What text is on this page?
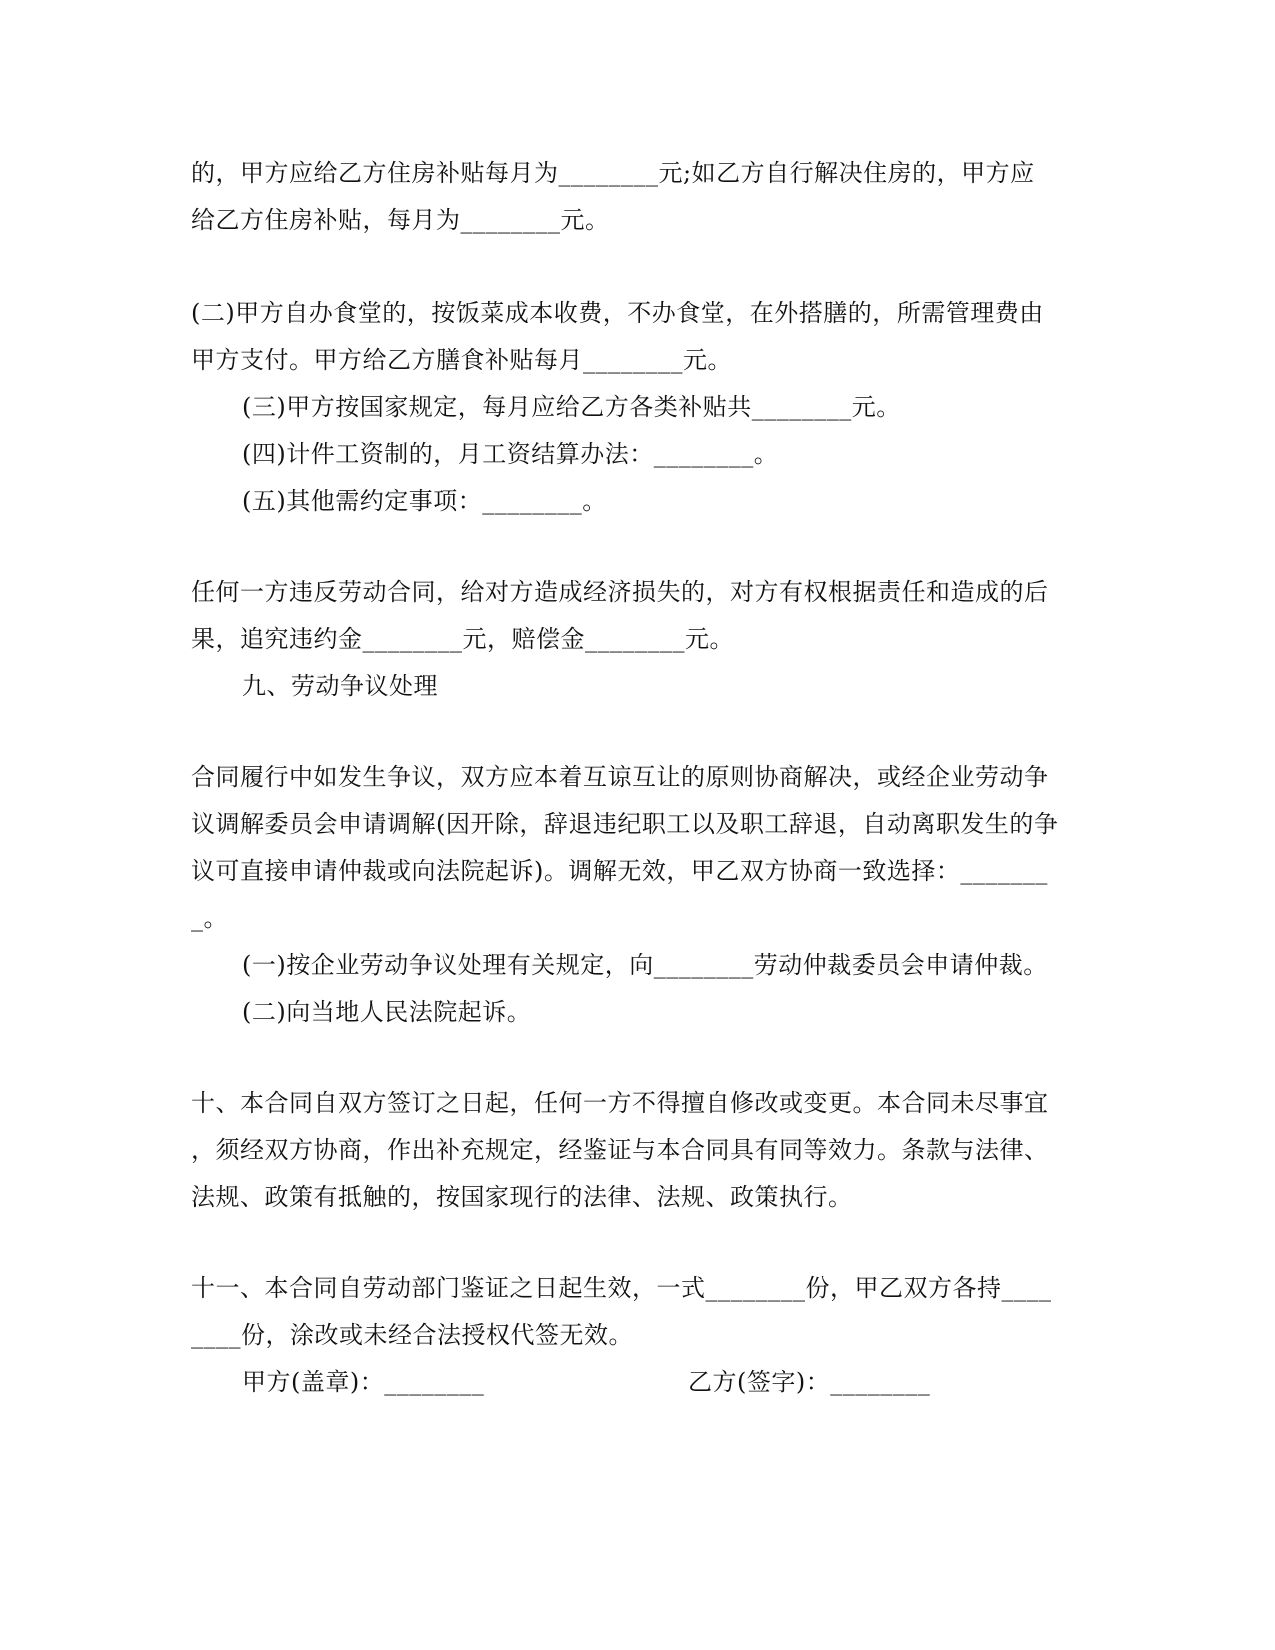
的，甲方应给乙方住房补贴每月为________元;如乙方自行解决住房的，甲方应
给乙方住房补贴，每月为________元。
(二)甲方自办食堂的，按饭菜成本收费，不办食堂，在外搭膳的，所需管理费由
甲方支付。甲方给乙方膳食补贴每月________元。
(三)甲方按国家规定，每月应给乙方各类补贴共________元。
(四)计件工资制的，月工资结算办法：________。
(五)其他需约定事项：________。
任何一方违反劳动合同，给对方造成经济损失的，对方有权根据责任和造成的后
果，追究违约金________元，赔偿金________元。
九、劳动争议处理
合同履行中如发生争议，双方应本着互谅互让的原则协商解决，或经企业劳动争
议调解委员会申请调解(因开除，辞退违纪职工以及职工辞退，自动离职发生的争
议可直接申请仲裁或向法院起诉)。调解无效，甲乙双方协商一致选择：_______
_。
(一)按企业劳动争议处理有关规定，向________劳动仲裁委员会申请仲裁。
(二)向当地人民法院起诉。
十、本合同自双方签订之日起，任何一方不得擅自修改或变更。本合同未尽事宜
，须经双方协商，作出补充规定，经鉴证与本合同具有同等效力。条款与法律、
法规、政策有抵触的，按国家现行的法律、法规、政策执行。
十一、本合同自劳动部门鉴证之日起生效，一式________份，甲乙双方各持____
____份，涂改或未经合法授权代签无效。
甲方(盖章)：________	乙方(签字)：________
